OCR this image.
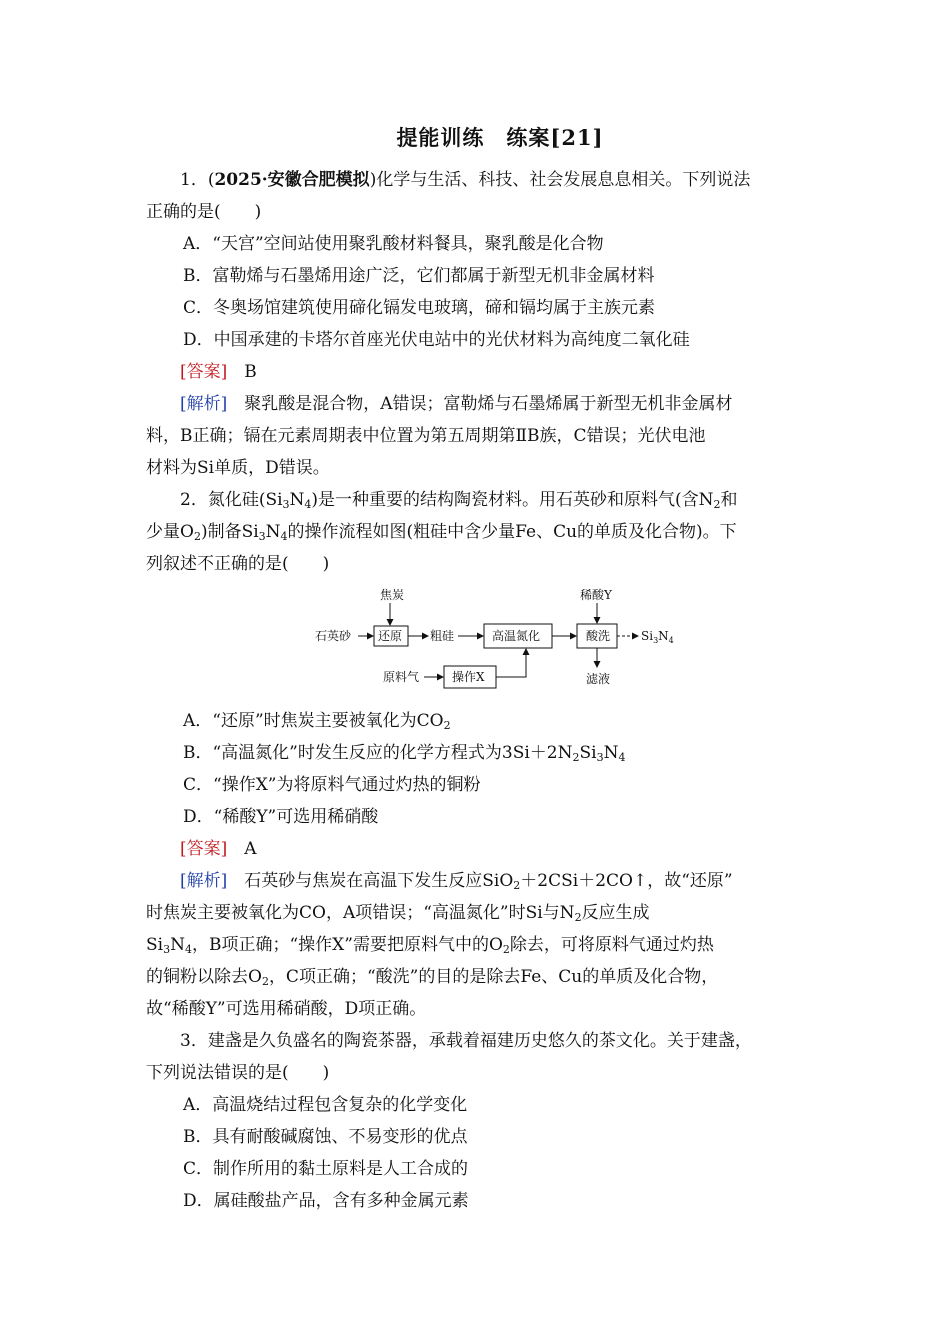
提能训练　练案[21]
1．(2025·安徽合肥模拟)化学与生活、科技、社会发展息息相关。下列说法
正确的是(　　)
A．“天宫”空间站使用聚乳酸材料餐具，聚乳酸是化合物
B．富勒烯与石墨烯用途广泛，它们都属于新型无机非金属材料
C．冬奥场馆建筑使用碲化镉发电玻璃，碲和镉均属于主族元素
D．中国承建的卡塔尔首座光伏电站中的光伏材料为高纯度二氧化硅
[答案]　B
[解析]　聚乳酸是混合物，A错误；富勒烯与石墨烯属于新型无机非金属材
料，B正确；镉在元素周期表中位置为第五周期第ⅡB族，C错误；光伏电池
材料为Si单质，D错误。
2．氮化硅$(Si_3N_4)$是一种重要的结构陶瓷材料。用石英砂和原料气(含$N_2$和
少量$O_2$)制备$Si_3N_4$的操作流程如图(粗硅中含少量Fe、Cu的单质及化合物)。下
列叙述不正确的是(　　)
焦炭
石英砂 还原 粗硅	高温氮化
稀酸Y
酸洗	$Si_3N_4$
滤液
原料气	操作X
A．“还原”时焦炭主要被氧化为$CO_2$
B．“高温氮化”时发生反应的化学方程式为$3Si+2N_2Si_3N_4$
C．“操作X”为将原料气通过灼热的铜粉
D．“稀酸Y”可选用稀硝酸
[答案]　A
[解析]　石英砂与焦炭在高温下发生反应SiO$_2$＋2CSi＋2CO↑，故“还原”
时焦炭主要被氧化为CO，A项错误；“高温氮化”时Si与$N_2$反应生成
$Si_3N_4$，B项正确；“操作X”需要把原料气中的$O_2$除去，可将原料气通过灼热
的铜粉以除去$O_2$，C项正确；“酸洗”的目的是除去Fe、Cu的单质及化合物，
故“稀酸Y”可选用稀硝酸，D项正确。
3．建盏是久负盛名的陶瓷茶器，承载着福建历史悠久的茶文化。关于建盏，
下列说法错误的是(　　)
A．高温烧结过程包含复杂的化学变化
B．具有耐酸碱腐蚀、不易变形的优点
C．制作所用的黏土原料是人工合成的
D．属硅酸盐产品，含有多种金属元素
